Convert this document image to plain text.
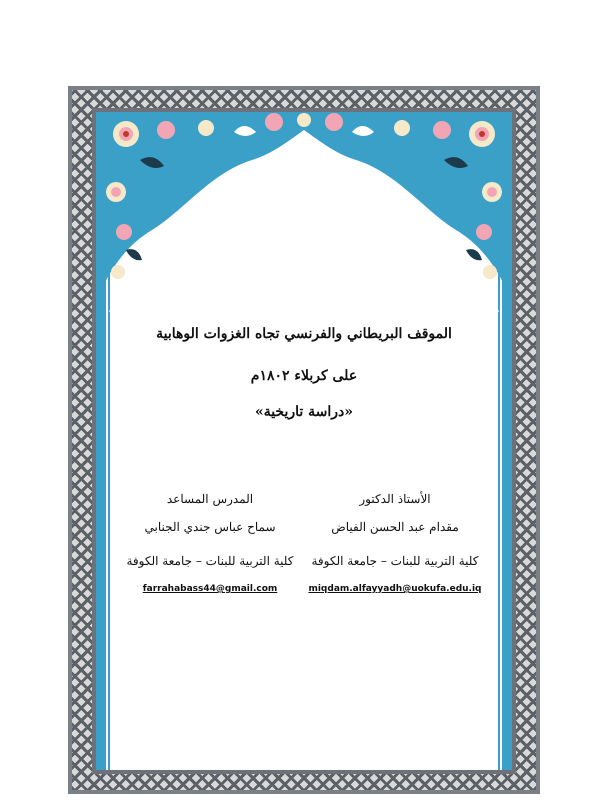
الموقف البريطاني والفرنسي تجاه الغزوات الوهابية
على كربلاء ١٨٠٢م
«دراسة تاريخية»
الأستاذ الدكتور
مقدام عبد الحسن الفياض
كلية التربية للبنات – جامعة الكوفة
miqdam.alfayyadh@uokufa.edu.iq
المدرس المساعد
سماح عباس جندي الجنابي
كلية التربية للبنات – جامعة الكوفة
farrahabass44@gmail.com
